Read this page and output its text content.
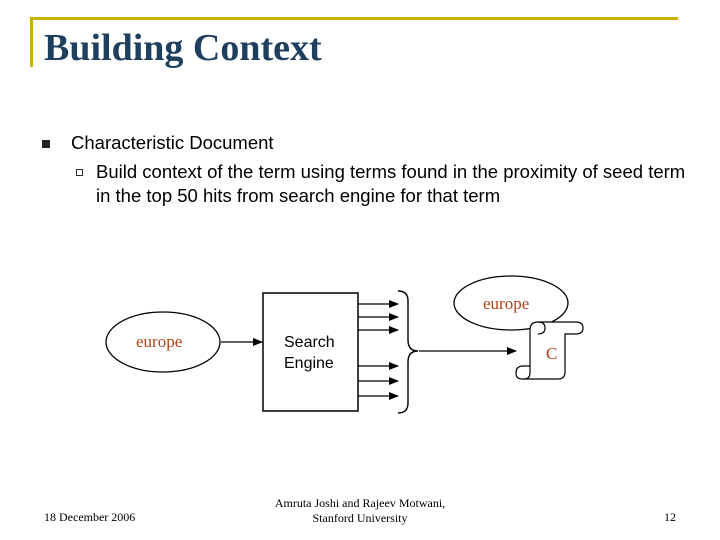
Building Context
Characteristic Document
Build context of the term using terms found in the proximity of seed term in the top 50 hits from search engine for that term
europe	Search
Engine
europe
C
18 December 2006
Amruta Joshi and Rajeev Motwani,
Stanford University	12
